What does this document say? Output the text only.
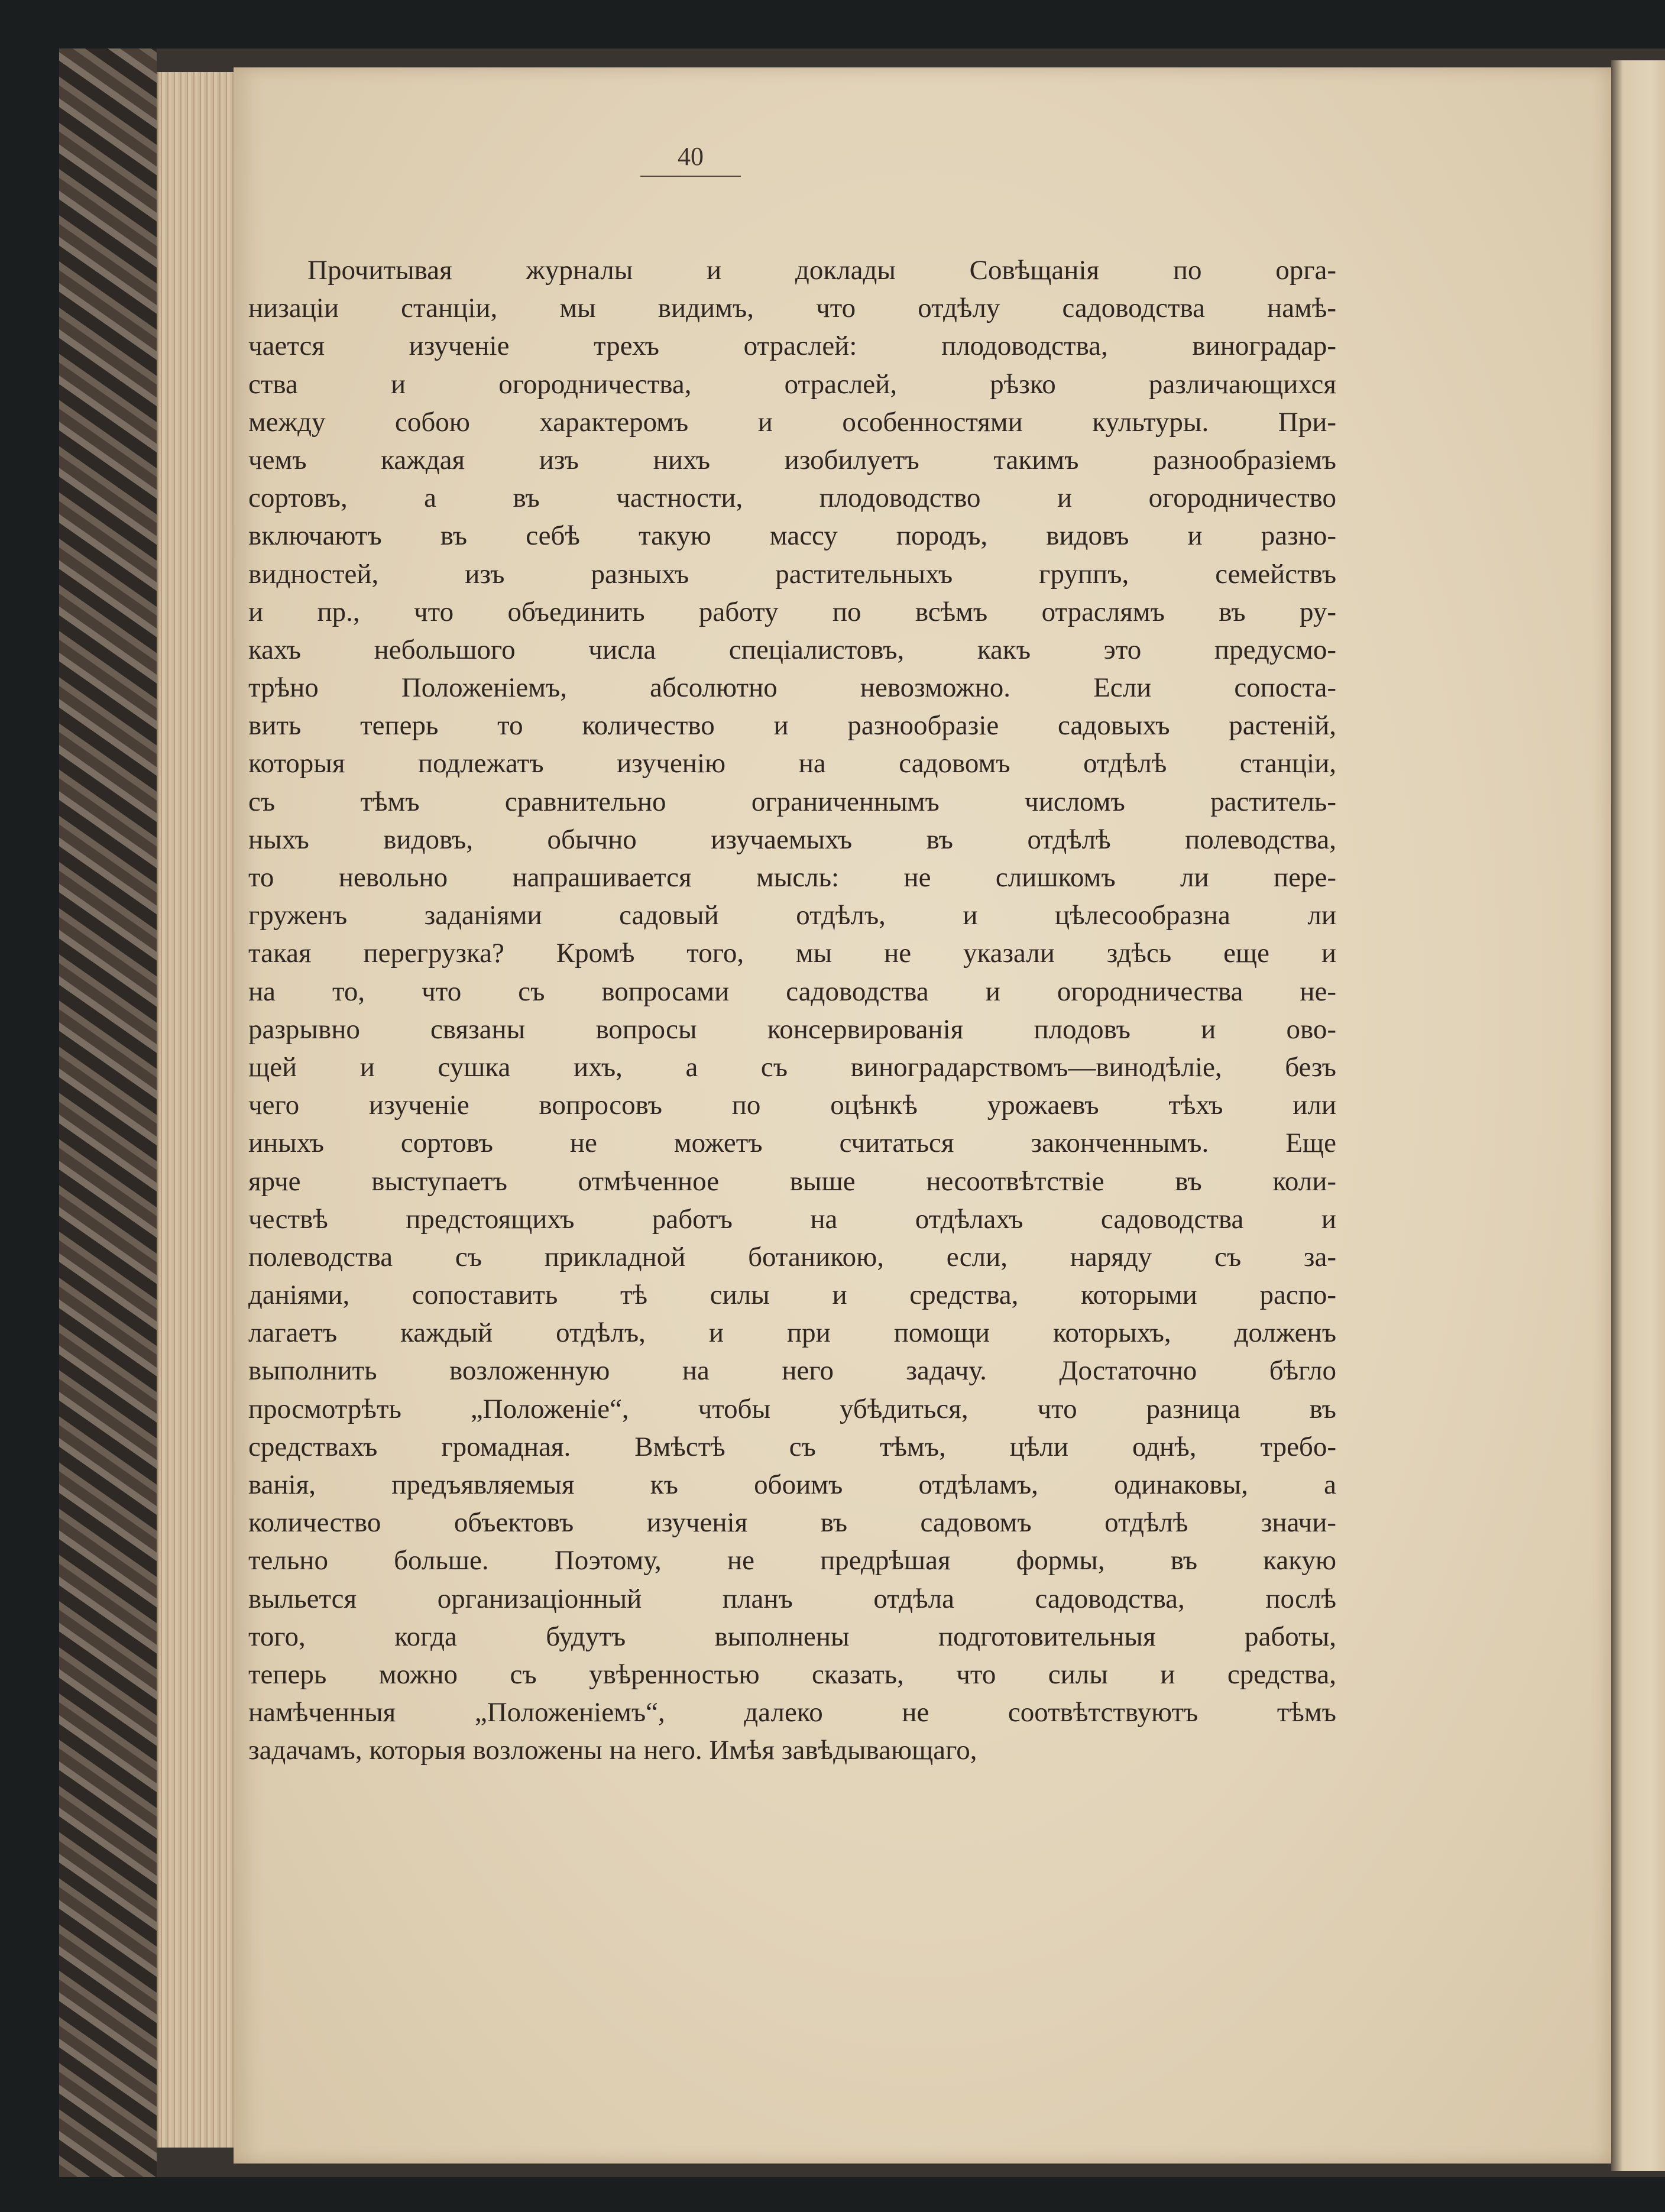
40
Прочитывая журналы и доклады Совѣщанія по орга-
низаціи станціи, мы видимъ, что отдѣлу садоводства намѣ-
чается изученіе трехъ отраслей: плодоводства, виноградар-
ства и огородничества, отраслей, рѣзко различающихся
между собою характеромъ и особенностями культуры. При-
чемъ каждая изъ нихъ изобилуетъ такимъ разнообразіемъ
сортовъ, а въ частности, плодоводство и огородничество
включаютъ въ себѣ такую массу породъ, видовъ и разно-
видностей, изъ разныхъ растительныхъ группъ, семействъ
и пр., что объединить работу по всѣмъ отраслямъ въ ру-
кахъ небольшого числа спеціалистовъ, какъ это предусмо-
трѣно Положеніемъ, абсолютно невозможно. Если сопоста-
вить теперь то количество и разнообразіе садовыхъ растеній,
которыя подлежатъ изученію на садовомъ отдѣлѣ станціи,
съ тѣмъ сравнительно ограниченнымъ числомъ раститель-
ныхъ видовъ, обычно изучаемыхъ въ отдѣлѣ полеводства,
то невольно напрашивается мысль: не слишкомъ ли пере-
груженъ заданіями садовый отдѣлъ, и цѣлесообразна ли
такая перегрузка? Кромѣ того, мы не указали здѣсь еще и
на то, что съ вопросами садоводства и огородничества не-
разрывно связаны вопросы консервированія плодовъ и ово-
щей и сушка ихъ, а съ виноградарствомъ—винодѣліе, безъ
чего изученіе вопросовъ по оцѣнкѣ урожаевъ тѣхъ или
иныхъ сортовъ не можетъ считаться законченнымъ. Еще
ярче выступаетъ отмѣченное выше несоотвѣтствіе въ коли-
чествѣ предстоящихъ работъ на отдѣлахъ садоводства и
полеводства съ прикладной ботаникою, если, наряду съ за-
даніями, сопоставить тѣ силы и средства, которыми распо-
лагаетъ каждый отдѣлъ, и при помощи которыхъ, долженъ
выполнить возложенную на него задачу. Достаточно бѣгло
просмотрѣть „Положеніе“, чтобы убѣдиться, что разница въ
средствахъ громадная. Вмѣстѣ съ тѣмъ, цѣли однѣ, требо-
ванія, предъявляемыя къ обоимъ отдѣламъ, одинаковы, а
количество объектовъ изученія въ садовомъ отдѣлѣ значи-
тельно больше. Поэтому, не предрѣшая формы, въ какую
выльется организаціонный планъ отдѣла садоводства, послѣ
того, когда будутъ выполнены подготовительныя работы,
теперь можно съ увѣренностью сказать, что силы и средства,
намѣченныя „Положеніемъ“, далеко не соотвѣтствуютъ тѣмъ
задачамъ, которыя возложены на него. Имѣя завѣдывающаго,
